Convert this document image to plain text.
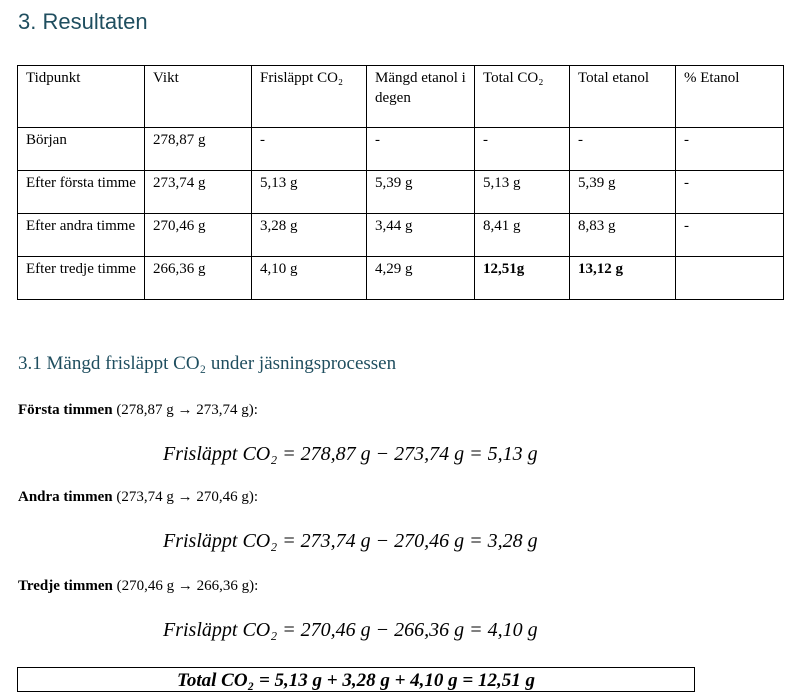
3. Resultaten
Tidpunkt	Vikt	Frisläppt CO₂	Mängd etanol i degen	Total CO₂	Total etanol	% Etanol
Början	278,87 g	-	-	-	-	-
Efter första timme	273,74 g	5,13 g	5,39 g	5,13 g	5,39 g	-
Efter andra timme	270,46 g	3,28 g	3,44 g	8,41 g	8,83 g	-
Efter tredje timme	266,36 g	4,10 g	4,29 g	12,51g	13,12 g	
3.1 Mängd frisläppt CO₂ under jäsningsprocessen

Första timmen (278,87 g → 273,74 g):

Frisläppt CO₂ = 278,87 g − 273,74 g = 5,13 g

Andra timmen (273,74 g → 270,46 g):

Frisläppt CO₂ = 273,74 g − 270,46 g = 3,28 g

Tredje timmen (270,46 g → 266,36 g):

Frisläppt CO₂ = 270,46 g − 266,36 g = 4,10 g

Total CO₂ = 5,13 g + 3,28 g + 4,10 g = 12,51 g
